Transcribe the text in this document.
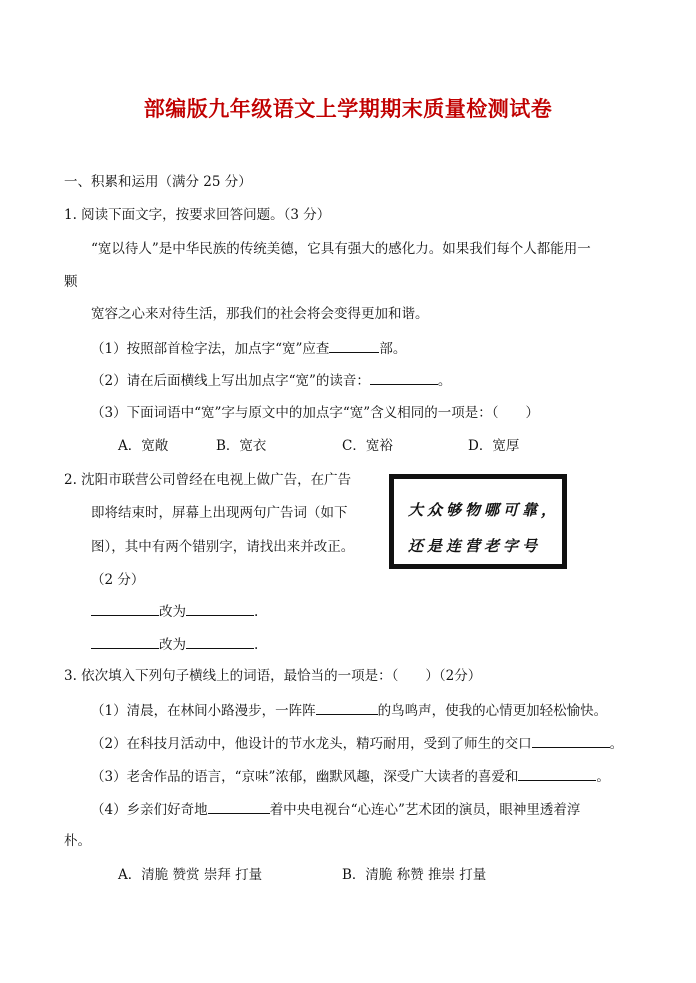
部编版九年级语文上学期期末质量检测试卷
一、积累和运用（满分 25 分）
1. 阅读下面文字，按要求回答问题。（3 分）
“宽以待人”是中华民族的传统美德，它具有强大的感化力。如果我们每个人都能用一
颗
宽容之心来对待生活，那我们的社会将会变得更加和谐。
（1）按照部首检字法，加点字“宽”应查	部。
（2）请在后面横线上写出加点字“宽”的读音：	。
（3）下面词语中“宽”字与原文中的加点字“宽”含义相同的一项是：（　　）
A．宽敞	B．宽衣	C．宽裕	D．宽厚
2. 沈阳市联营公司曾经在电视上做广告，在广告
即将结束时，屏幕上出现两句广告词（如下
图），其中有两个错别字，请找出来并改正。
（2 分）
改为	.
改为	.
大众够物哪可靠，
还是连营老字号
3. 依次填入下列句子横线上的词语，最恰当的一项是：（　　）（2分）
（1）清晨，在林间小路漫步，一阵阵	的鸟鸣声，使我的心情更加轻松愉快。
（2）在科技月活动中，他设计的节水龙头，精巧耐用，受到了师生的交口	。
（3）老舍作品的语言，“京味”浓郁，幽默风趣，深受广大读者的喜爱和	。
（4）乡亲们好奇地	着中央电视台“心连心”艺术团的演员，眼神里透着淳
朴。
A．清脆 赞赏 崇拜 打量	B．清脆 称赞 推崇 打量
